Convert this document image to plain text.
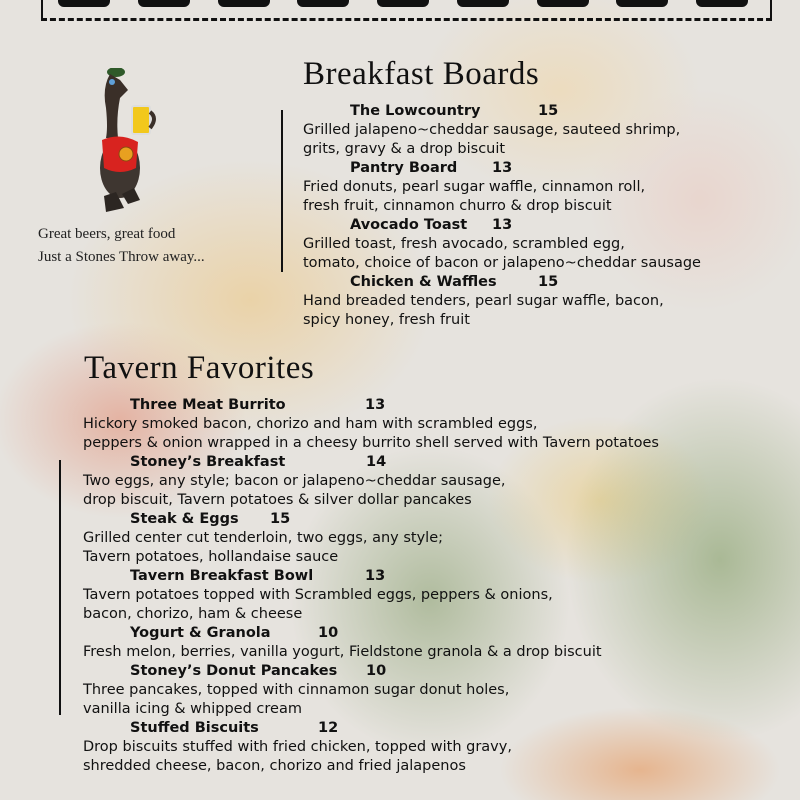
Great beers, great food
Just a Stones Throw away...
Breakfast Boards
The Lowcountry	15
Grilled jalapeno~cheddar sausage, sauteed shrimp,
grits, gravy & a drop biscuit
Pantry Board 13
Fried donuts, pearl sugar waffle, cinnamon roll,
fresh fruit, cinnamon churro & drop biscuit
Avocado Toast 13
Grilled toast, fresh avocado, scrambled egg,
tomato, choice of bacon or jalapeno~cheddar sausage
Chicken & Waffles	15
Hand breaded tenders, pearl sugar waffle, bacon,
spicy honey, fresh fruit
Tavern Favorites
Three Meat Burrito	13
Hickory smoked bacon, chorizo and ham with scrambled eggs,
peppers & onion wrapped in a cheesy burrito shell served with Tavern potatoes
Stoney’s Breakfast	14
Two eggs, any style; bacon or jalapeno~cheddar sausage,
drop biscuit, Tavern potatoes & silver dollar pancakes
Steak & Eggs 15
Grilled center cut tenderloin, two eggs, any style;
Tavern potatoes, hollandaise sauce
Tavern Breakfast Bowl	13
Tavern potatoes topped with Scrambled eggs, peppers & onions,
bacon, chorizo, ham & cheese
Yogurt & Granola	10
Fresh melon, berries, vanilla yogurt, Fieldstone granola & a drop biscuit
Stoney’s Donut Pancakes 10
Three pancakes, topped with cinnamon sugar donut holes,
vanilla icing & whipped cream
Stuffed Biscuits	12
Drop biscuits stuffed with fried chicken, topped with gravy,
shredded cheese, bacon, chorizo and fried jalapenos
